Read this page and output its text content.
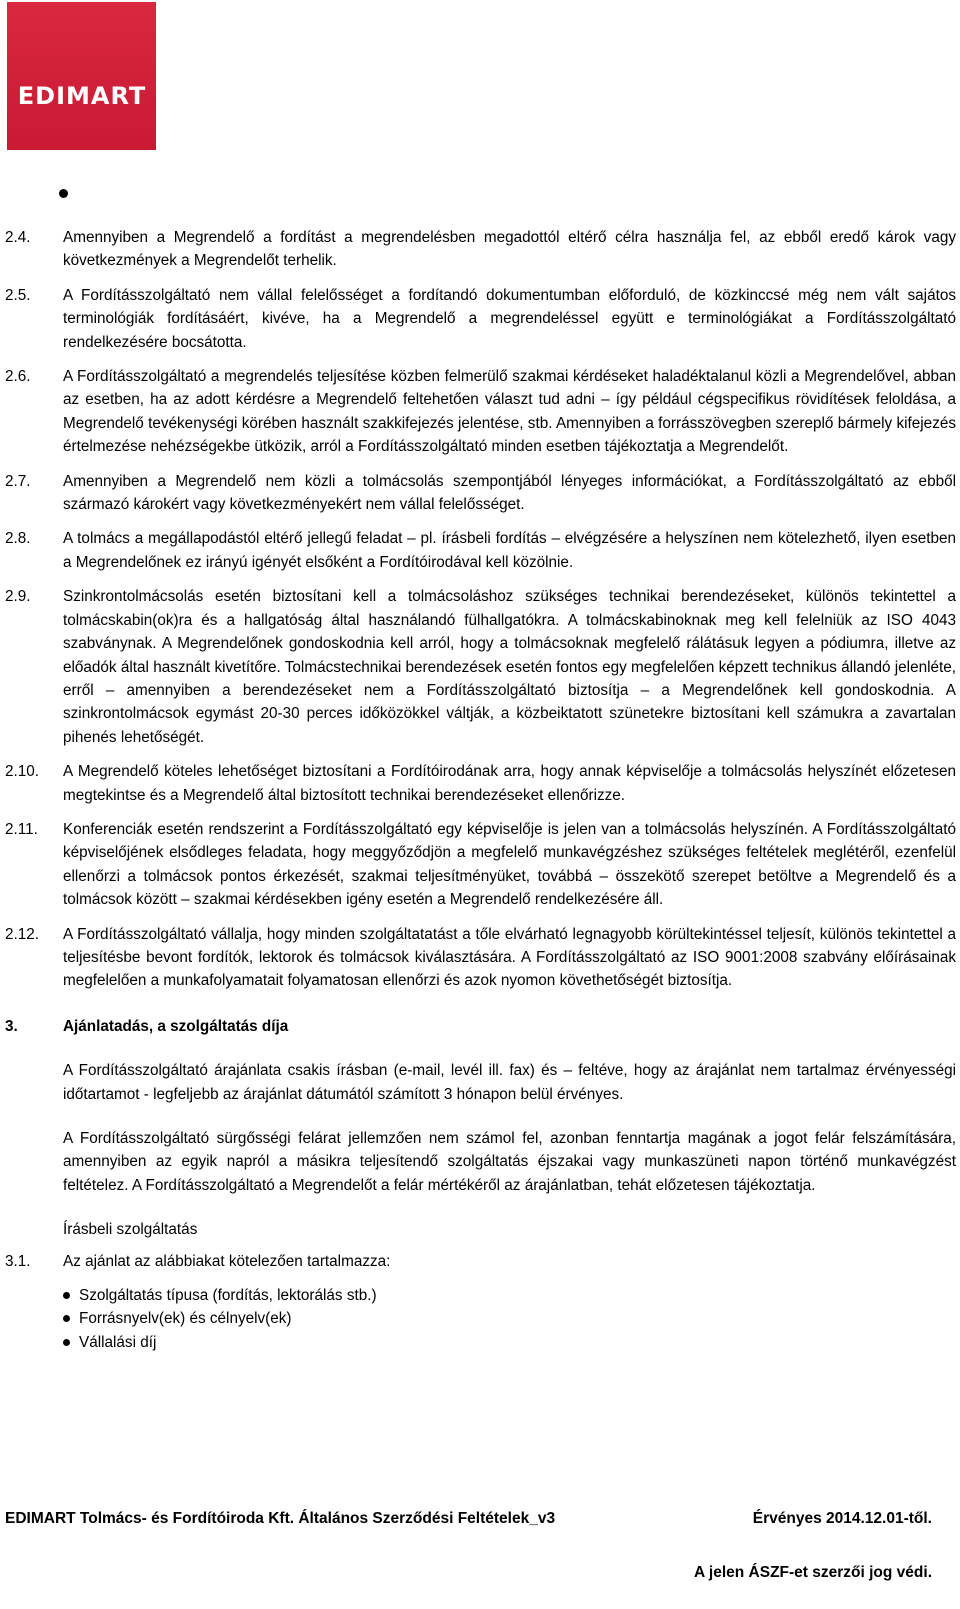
EDIMART
2.4. Amennyiben a Megrendelő a fordítást a megrendelésben megadottól eltérő célra használja fel, az ebből eredő károk vagy következmények a Megrendelőt terhelik.
2.5. A Fordításszolgáltató nem vállal felelősséget a fordítandó dokumentumban előforduló, de közkinccsé még nem vált sajátos terminológiák fordításáért, kivéve, ha a Megrendelő a megrendeléssel együtt e terminológiákat a Fordításszolgáltató rendelkezésére bocsátotta.
2.6. A Fordításszolgáltató a megrendelés teljesítése közben felmerülő szakmai kérdéseket haladéktalanul közli a Megrendelővel, abban az esetben, ha az adott kérdésre a Megrendelő feltehetően választ tud adni – így például cégspecifikus rövidítések feloldása, a Megrendelő tevékenységi körében használt szakkifejezés jelentése, stb. Amennyiben a forrásszövegben szereplő bármely kifejezés értelmezése nehézségekbe ütközik, arról a Fordításszolgáltató minden esetben tájékoztatja a Megrendelőt.
2.7. Amennyiben a Megrendelő nem közli a tolmácsolás szempontjából lényeges információkat, a Fordításszolgáltató az ebből származó károkért vagy következményekért nem vállal felelősséget.
2.8. A tolmács a megállapodástól eltérő jellegű feladat – pl. írásbeli fordítás – elvégzésére a helyszínen nem kötelezhető, ilyen esetben a Megrendelőnek ez irányú igényét elsőként a Fordítóirodával kell közölnie.
2.9. Szinkrontolmácsolás esetén biztosítani kell a tolmácsoláshoz szükséges technikai berendezéseket, különös tekintettel a tolmácskabin(ok)ra és a hallgatóság által használandó fülhallgatókra. A tolmácskabinoknak meg kell felelniük az ISO 4043 szabványnak. A Megrendelőnek gondoskodnia kell arról, hogy a tolmácsoknak megfelelő rálátásuk legyen a pódiumra, illetve az előadók által használt kivetítőre. Tolmácstechnikai berendezések esetén fontos egy megfelelően képzett technikus állandó jelenléte, erről – amennyiben a berendezéseket nem a Fordításszolgáltató biztosítja – a Megrendelőnek kell gondoskodnia. A szinkrontolmácsok egymást 20-30 perces időközökkel váltják, a közbeiktatott szünetekre biztosítani kell számukra a zavartalan pihenés lehetőségét.
2.10. A Megrendelő köteles lehetőséget biztosítani a Fordítóirodának arra, hogy annak képviselője a tolmácsolás helyszínét előzetesen megtekintse és a Megrendelő által biztosított technikai berendezéseket ellenőrizze.
2.11. Konferenciák esetén rendszerint a Fordításszolgáltató egy képviselője is jelen van a tolmácsolás helyszínén. A Fordításszolgáltató képviselőjének elsődleges feladata, hogy meggyőződjön a megfelelő munkavégzéshez szükséges feltételek meglétéről, ezenfelül ellenőrzi a tolmácsok pontos érkezését, szakmai teljesítményüket, továbbá – összekötő szerepet betöltve a Megrendelő és a tolmácsok között – szakmai kérdésekben igény esetén a Megrendelő rendelkezésére áll.
2.12. A Fordításszolgáltató vállalja, hogy minden szolgáltatatást a tőle elvárható legnagyobb körültekintéssel teljesít, különös tekintettel a teljesítésbe bevont fordítók, lektorok és tolmácsok kiválasztására. A Fordításszolgáltató az ISO 9001:2008 szabvány előírásainak megfelelően a munkafolyamatait folyamatosan ellenőrzi és azok nyomon követhetőségét biztosítja.
3.	Ajánlatadás, a szolgáltatás díja
A Fordításszolgáltató árajánlata csakis írásban (e-mail, levél ill. fax) és – feltéve, hogy az árajánlat nem tartalmaz érvényességi időtartamot - legfeljebb az árajánlat dátumától számított 3 hónapon belül érvényes.
A Fordításszolgáltató sürgősségi felárat jellemzően nem számol fel, azonban fenntartja magának a jogot felár felszámítására, amennyiben az egyik napról a másikra teljesítendő szolgáltatás éjszakai vagy munkaszüneti napon történő munkavégzést feltételez. A Fordításszolgáltató a Megrendelőt a felár mértékéről az árajánlatban, tehát előzetesen tájékoztatja.
Írásbeli szolgáltatás
3.1. Az ajánlat az alábbiakat kötelezően tartalmazza:
Szolgáltatás típusa (fordítás, lektorálás stb.)
Forrásnyelv(ek) és célnyelv(ek)
Vállalási díj
EDIMART Tolmács- és Fordítóiroda Kft. Általános Szerződési Feltételek_v3	Érvényes 2014.12.01-től.
A jelen ÁSZF-et szerzői jog védi.
